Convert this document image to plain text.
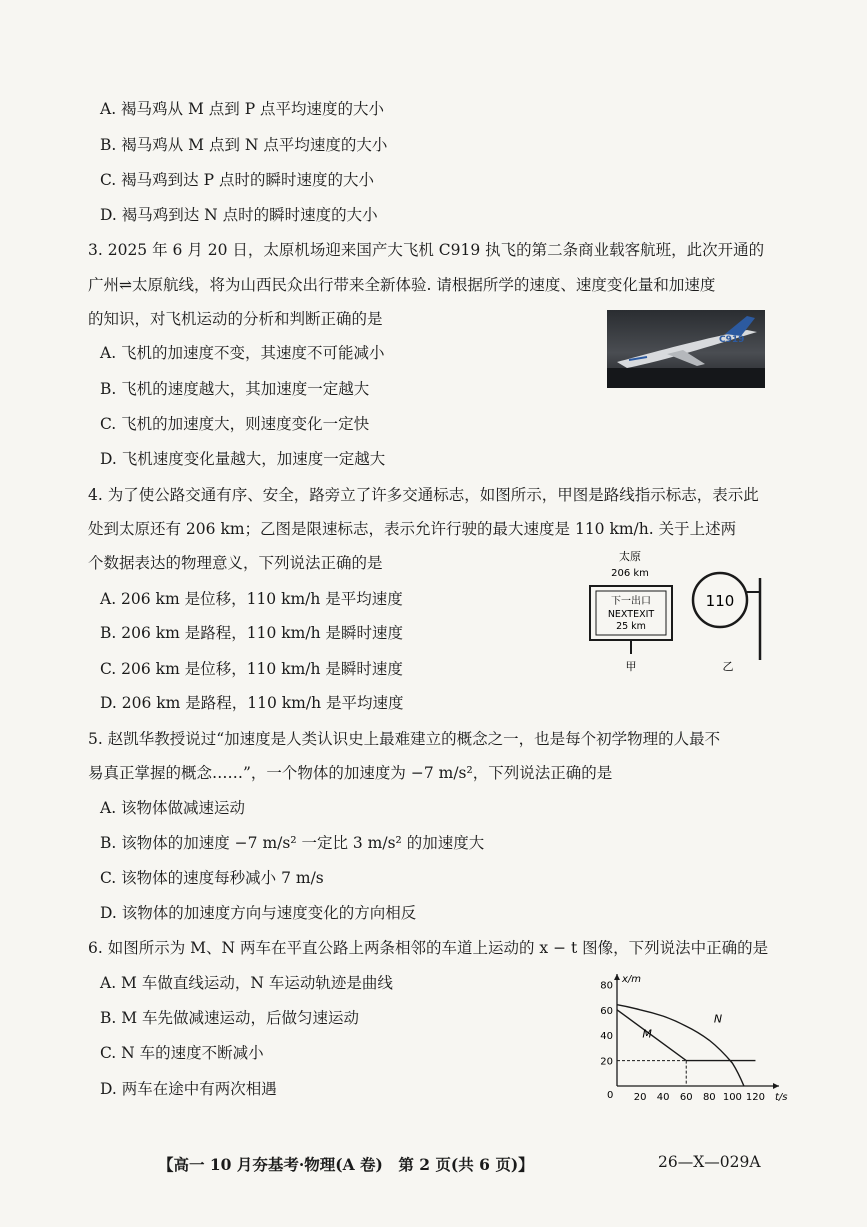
A. 褐马鸡从 M 点到 P 点平均速度的大小
B. 褐马鸡从 M 点到 N 点平均速度的大小
C. 褐马鸡到达 P 点时的瞬时速度的大小
D. 褐马鸡到达 N 点时的瞬时速度的大小
3. 2025 年 6 月 20 日，太原机场迎来国产大飞机 C919 执飞的第二条商业载客航班，此次开通的
广州⇌太原航线，将为山西民众出行带来全新体验. 请根据所学的速度、速度变化量和加速度
的知识，对飞机运动的分析和判断正确的是
A. 飞机的加速度不变，其速度不可能减小
B. 飞机的速度越大，其加速度一定越大
C. 飞机的加速度大，则速度变化一定快
D. 飞机速度变化量越大，加速度一定越大
C919
4. 为了使公路交通有序、安全，路旁立了许多交通标志，如图所示，甲图是路线指示标志，表示此
处到太原还有 206 km；乙图是限速标志，表示允许行驶的最大速度是 110 km/h. 关于上述两
个数据表达的物理意义，下列说法正确的是
A. 206 km 是位移，110 km/h 是平均速度
B. 206 km 是路程，110 km/h 是瞬时速度
C. 206 km 是位移，110 km/h 是瞬时速度
D. 206 km 是路程，110 km/h 是平均速度
太原
206 km
下一出口
NEXTEXIT
25 km
甲
110
乙
5. 赵凯华教授说过“加速度是人类认识史上最难建立的概念之一，也是每个初学物理的人最不
易真正掌握的概念……”，一个物体的加速度为 −7 m/s²，下列说法正确的是
A. 该物体做减速运动
B. 该物体的加速度 −7 m/s² 一定比 3 m/s² 的加速度大
C. 该物体的速度每秒减小 7 m/s
D. 该物体的加速度方向与速度变化的方向相反
6. 如图所示为 M、N 两车在平直公路上两条相邻的车道上运动的 x − t 图像，下列说法中正确的是
A. M 车做直线运动，N 车运动轨迹是曲线
B. M 车先做减速运动，后做匀速运动
C. N 车的速度不断减小
D. 两车在途中有两次相遇	t/s
x/m
0
M
N
20 40 60 80 100 120
20
40
60
80
【高一 10 月夯基考·物理(A 卷)　第 2 页(共 6 页)】	26—X—029A
